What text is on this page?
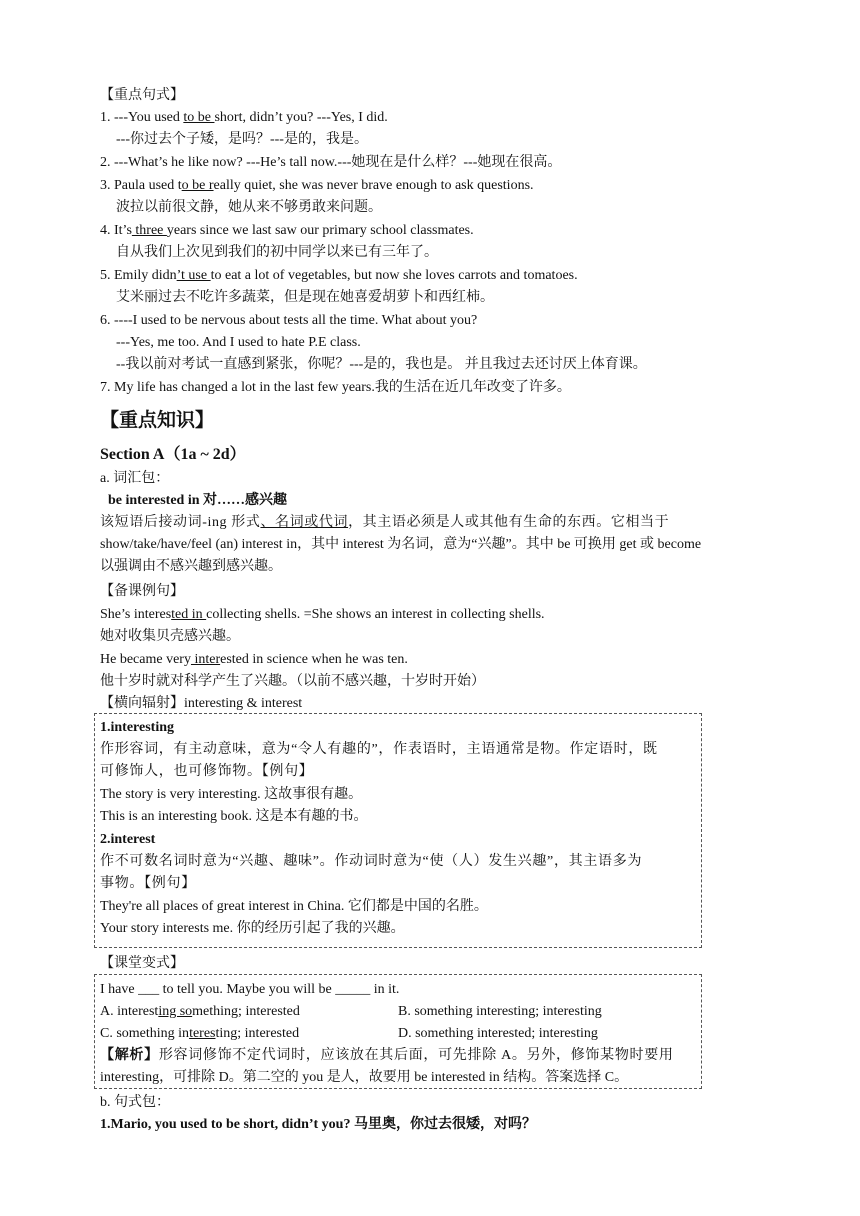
【重点句式】
1. ---You used to be short, didn’t you? ---Yes, I did.
---你过去个子矮，是吗？---是的，我是。
2. ---What’s he like now? ---He’s tall now.---她现在是什么样？---她现在很高。
3. Paula used to be really quiet, she was never brave enough to ask questions.
波拉以前很文静，她从来不够勇敢来问题。
4. It’s three years since we last saw our primary school classmates.
自从我们上次见到我们的初中同学以来已有三年了。
5. Emily didn’t use to eat a lot of vegetables, but now she loves carrots and tomatoes.
艾米丽过去不吃许多蔬菜，但是现在她喜爱胡萝卜和西红柿。
6. ----I used to be nervous about tests all the time. What about you?
---Yes, me too. And I used to hate P.E class.
--我以前对考试一直感到紧张，你呢？---是的，我也是。 并且我过去还讨厌上体育课。
7. My life has changed a lot in the last few years.我的生活在近几年改变了许多。
【重点知识】
Section A（1a ~ 2d）
a. 词汇包：
be interested in 对……感兴趣

该短语后接动词-ing 形式、名词或代词，其主语必须是人或其他有生命的东西。它相当于

show/take/have/feel (an) interest in，其中 interest 为名词，意为“兴趣”。其中 be 可换用 get 或 become

以强调由不感兴趣到感兴趣。

【备课例句】
She’s interested in collecting shells. =She shows an interest in collecting shells.
她对收集贝壳感兴趣。
He became very interested in science when he was ten.
他十岁时就对科学产生了兴趣。（以前不感兴趣，十岁时开始）
【横向辐射】interesting & interest
1.interesting

作形容词，有主动意味，意为“令人有趣的”，作表语时，主语通常是物。作定语时，既

可修饰人，也可修饰物。【例句】

The story is very interesting. 这故事很有趣。
This is an interesting book. 这是本有趣的书。
2.interest

作不可数名词时意为“兴趣、趣味”。作动词时意为“使（人）发生兴趣”，其主语多为

事物。【例句】

They're all places of great interest in China. 它们都是中国的名胜。
Your story interests me. 你的经历引起了我的兴趣。
【课堂变式】
I have ___ to tell you. Maybe you will be _____ in it.
A. interesting something; interested	B. something interesting; interesting
C. something interesting; interested	D. something interested; interesting

【解析】形容词修饰不定代词时，应该放在其后面，可先排除 A。另外，修饰某物时要用

interesting，可排除 D。第二空的 you 是人，故要用 be interested in 结构。答案选择 C。

b. 句式包：
1.Mario, you used to be short, didn’t you? 马里奥，你过去很矮，对吗？
